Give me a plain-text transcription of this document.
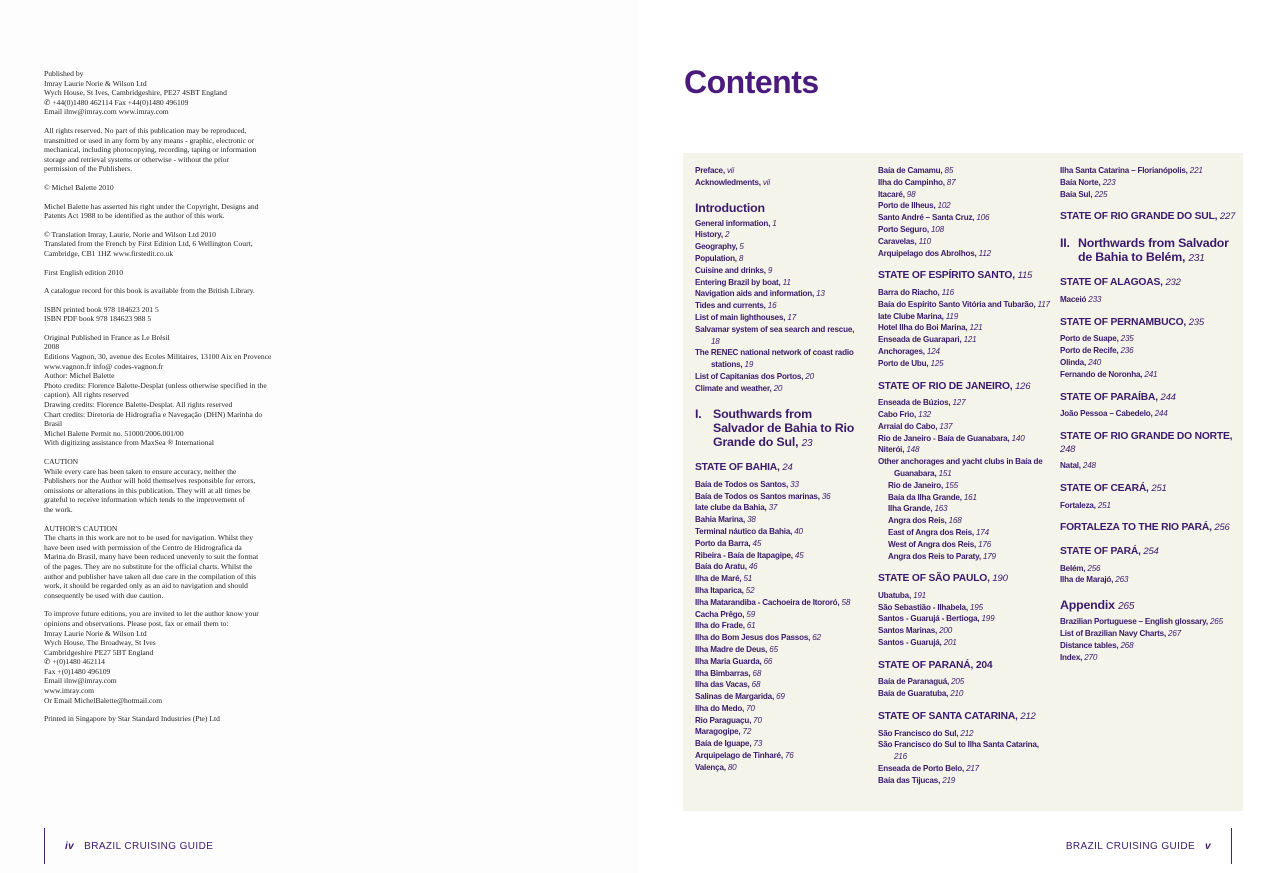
Published by
Imray Laurie Norie & Wilson Ltd
Wych House, St Ives, Cambridgeshire, PE27 4SBT England
✆ +44(0)1480 462114 Fax +44(0)1480 496109
Email ilnw@imray.com www.imray.com

All rights reserved. No part of this publication may be reproduced,
transmitted or used in any form by any means - graphic, electronic or
mechanical, including photocopying, recording, taping or information
storage and retrieval systems or otherwise - without the prior
permission of the Publishers.

© Michel Balette 2010

Michel Balette has asserted his right under the Copyright, Designs and
Patents Act 1988 to be identified as the author of this work.

© Translation Imray, Laurie, Norie and Wilson Ltd 2010
Translated from the French by First Edition Ltd, 6 Wellington Court,
Cambridge, CB1 1HZ www.firstedit.co.uk

First English edition 2010

A catalogue record for this book is available from the British Library.

ISBN printed book 978 184623 201 5
ISBN PDF book 978 184623 988 5

Original Published in France as Le Brésil
2008
Editions Vagnon, 30, avenue des Ecoles Militaires, 13100 Aix en Provence
www.vagnon.fr info@ codes-vagnon.fr
Author: Michel Balette
Photo credits: Florence Balette-Desplat (unless otherwise specified in the
caption). All rights reserved
Drawing credits: Florence Balette-Desplat. All rights reserved
Chart credits: Diretoria de Hidrografia e Navegação (DHN) Marinha do
Brasil
Michel Balette Permit no. 51000/2006.001/00
With digitizing assistance from MaxSea ® International

CAUTION
While every care has been taken to ensure accuracy, neither the
Publishers nor the Author will hold themselves responsible for errors,
omissions or alterations in this publication. They will at all times be
grateful to receive information which tends to the improvement of
the work.

AUTHOR'S CAUTION
The charts in this work are not to be used for navigation. Whilst they
have been used with permission of the Centro de Hidrografica da
Marina do Brasil, many have been reduced unevenly to suit the format
of the pages. They are no substitute for the official charts. Whilst the
author and publisher have taken all due care in the compilation of this
work, it should be regarded only as an aid to navigation and should
consequently be used with due caution.

To improve future editions, you are invited to let the author know your
opinions and observations. Please post, fax or email them to:
Imray Laurie Norie & Wilson Ltd
Wych House, The Broadway, St Ives
Cambridgeshire PE27 5BT England
✆ +(0)1480 462114
Fax +(0)1480 496109
Email ilnw@imray.com
www.imray.com
Or Email MichelBalette@hotmail.com

Printed in Singapore by Star Standard Industries (Pte) Ltd

iv BRAZIL CRUISING GUIDE
Contents
Preface, vii
Acknowledments, vii
Introduction
General information, 1
History, 2
Geography, 5
Population, 8
Cuisine and drinks, 9
Entering Brazil by boat, 11
Navigation aids and information, 13
Tides and currents, 16
List of main lighthouses, 17
Salvamar system of sea search and rescue, 18
The RENEC national network of coast radio stations, 19
List of Capitanias dos Portos, 20
Climate and weather, 20
I. Southwards from Salvador de Bahia to Rio Grande do Sul, 23
STATE OF BAHIA, 24
Baía de Todos os Santos, 33
Baía de Todos os Santos marinas, 36
Iate clube da Bahia, 37
Bahia Marina, 38
Terminal náutico da Bahia, 40
Porto da Barra, 45
Ribeira - Baía de Itapagipe, 45
Baía do Aratu, 46
Ilha de Maré, 51
Ilha Itaparica, 52
Ilha Matarandiba - Cachoeira de Itororó, 58
Cacha Prêgo, 59
Ilha do Frade, 61
Ilha do Bom Jesus dos Passos, 62
Ilha Madre de Deus, 65
Ilha Maria Guarda, 66
Ilha Bimbarras, 68
Ilha das Vacas, 68
Salinas de Margarida, 69
Ilha do Medo, 70
Rio Paraguaçu, 70
Maragogipe, 72
Baía de Iguape, 73
Arquipelago de Tinharé, 76
Valença, 80
Baía de Camamu, 85
Ilha do Campinho, 87
Itacaré, 98
Porto de Ilheus, 102
Santo André – Santa Cruz, 106
Porto Seguro, 108
Caravelas, 110
Arquipelago dos Abrolhos, 112
STATE OF ESPÍRITO SANTO, 115
Barra do Riacho, 116
Baía do Espírito Santo Vitória and Tubarão, 117
Iate Clube Marina, 119
Hotel Ilha do Boi Marina, 121
Enseada de Guarapari, 121
Anchorages, 124
Porto de Ubu, 125
STATE OF RIO DE JANEIRO, 126
Enseada de Búzios, 127
Cabo Frio, 132
Arraial do Cabo, 137
Rio de Janeiro - Baía de Guanabara, 140
Niterói, 148
Other anchorages and yacht clubs in Baía de Guanabara, 151
Rio de Janeiro, 155
Baía da Ilha Grande, 161
Ilha Grande, 163
Angra dos Reis, 168
East of Angra dos Reis, 174
West of Angra dos Reis, 176
Angra dos Reis to Paraty, 179
STATE OF SÃO PAULO, 190
Ubatuba, 191
São Sebastião - Ilhabela, 195
Santos - Guarujá - Bertioga, 199
Santos Marinas, 200
Santos - Guarujá, 201
STATE OF PARANÁ, 204
Baía de Paranaguá, 205
Baía de Guaratuba, 210
STATE OF SANTA CATARINA, 212
São Francisco do Sul, 212
São Francisco do Sul to Ilha Santa Catarina, 216
Enseada de Porto Belo, 217
Baía das Tijucas, 219
Ilha Santa Catarina – Florianópolis, 221
Baía Norte, 223
Baía Sul, 225
STATE OF RIO GRANDE DO SUL, 227
II. Northwards from Salvador de Bahia to Belém, 231
STATE OF ALAGOAS, 232
Maceió 233
STATE OF PERNAMBUCO, 235
Porto de Suape, 235
Porto de Recife, 236
Olinda, 240
Fernando de Noronha, 241
STATE OF PARAÍBA, 244
João Pessoa – Cabedelo, 244
STATE OF RIO GRANDE DO NORTE, 248
Natal, 248
STATE OF CEARÁ, 251
Fortaleza, 251
FORTALEZA TO THE RIO PARÁ, 256
STATE OF PARÁ, 254
Belém, 256
Ilha de Marajó, 263
Appendix 265
Brazilian Portuguese – English glossary, 265
List of Brazilian Navy Charts, 267
Distance tables, 268
Index, 270
BRAZIL CRUISING GUIDE v
